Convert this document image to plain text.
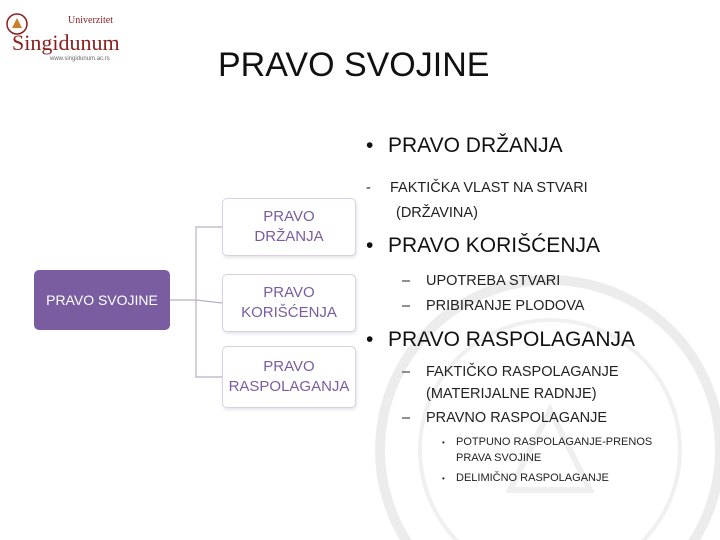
Univerzitet
Singidunum
www.singidunum.ac.rs	PRAVO SVOJINE
PRAVO SVOJINE
PRAVO
DRŽANJA
PRAVO
KORIŠĆENJA
PRAVO
RASPOLAGANJA
• PRAVO DRŽANJA
- FAKTIČKA VLAST NA STVARI
(DRŽAVINA)
• PRAVO KORIŠĆENJA
– UPOTREBA STVARI
– PRIBIRANJE PLODOVA
• PRAVO RASPOLAGANJA
– FAKTIČKO RASPOLAGANJE
(MATERIJALNE RADNJE)
– PRAVNO RASPOLAGANJE
• POTPUNO RASPOLAGANJE-PRENOS
PRAVA SVOJINE
• DELIMIČNO RASPOLAGANJE
